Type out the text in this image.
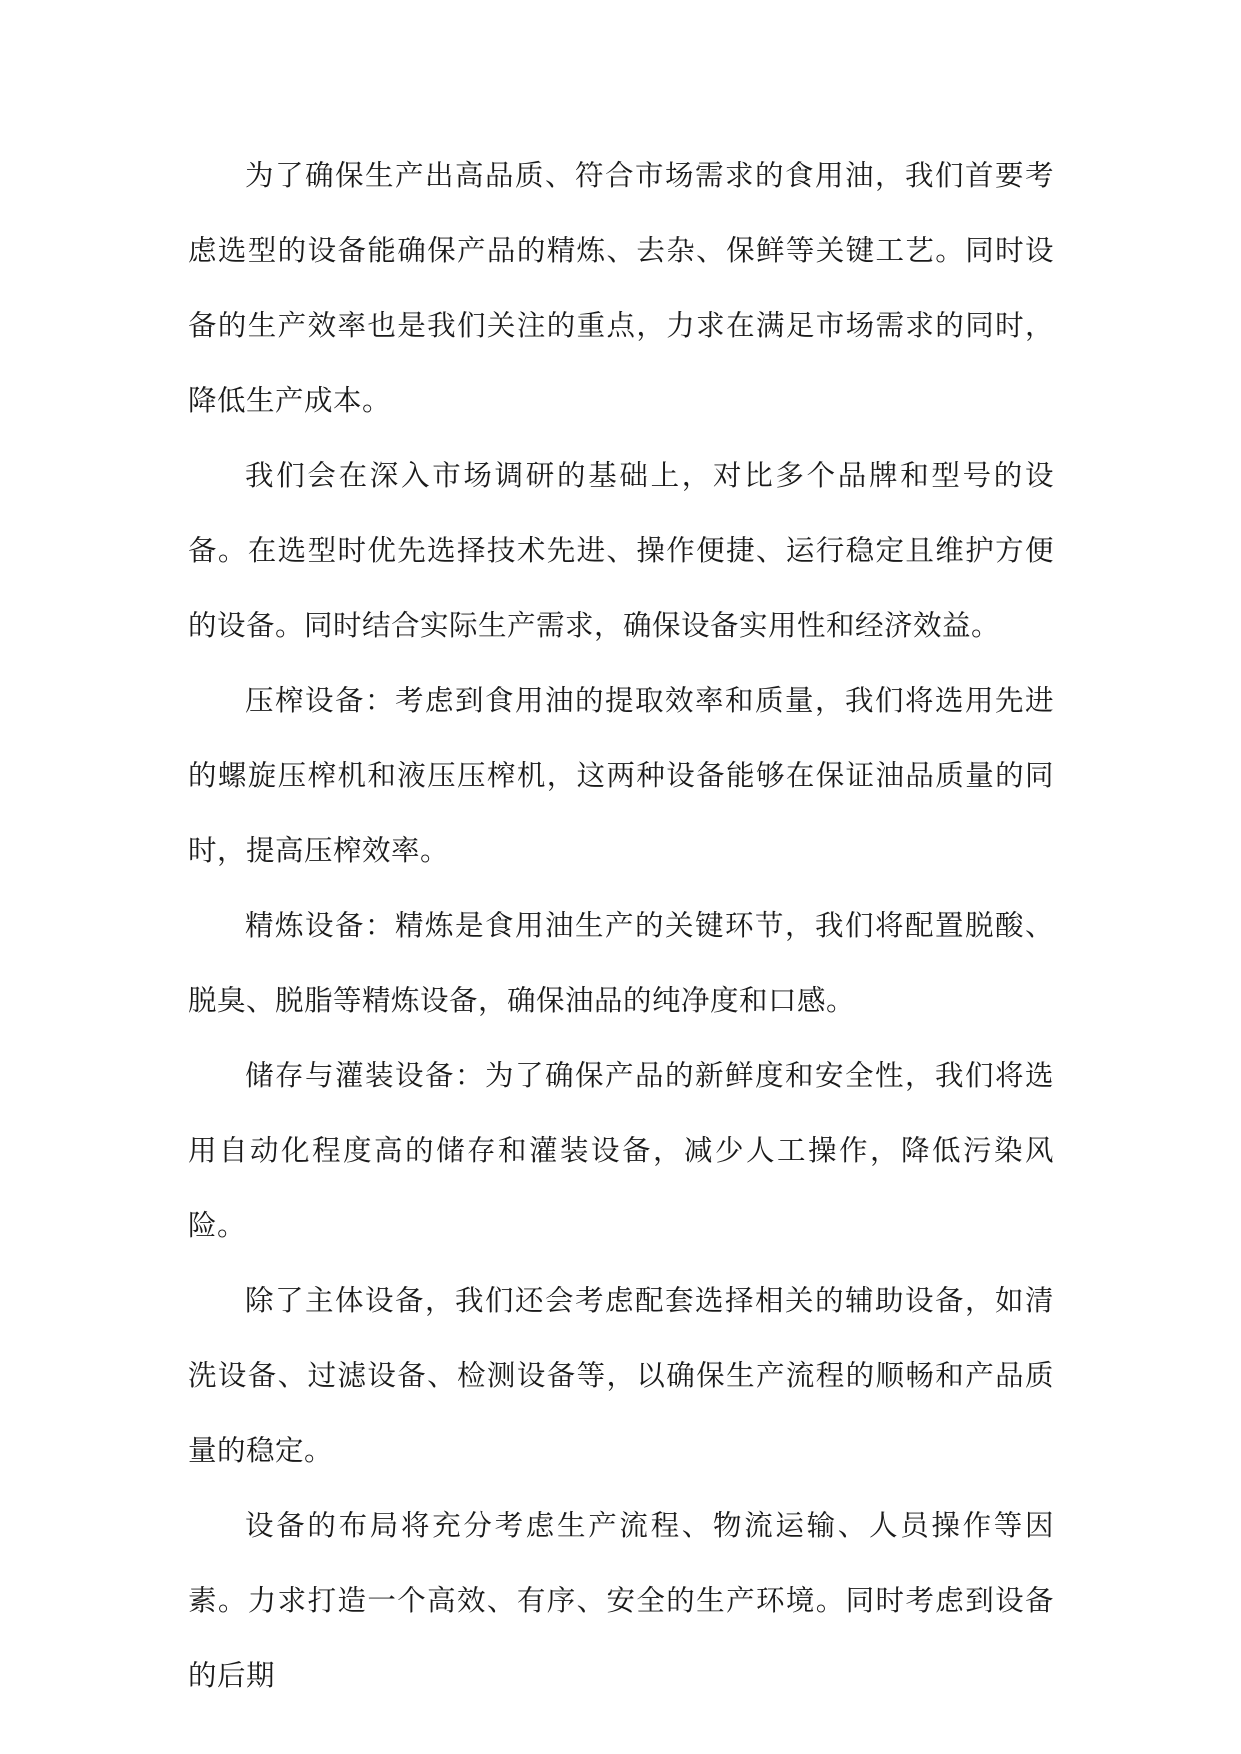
为了确保生产出高品质、符合市场需求的食用油，我们首要考虑选型的设备能确保产品的精炼、去杂、保鲜等关键工艺。同时设备的生产效率也是我们关注的重点，力求在满足市场需求的同时，降低生产成本。

我们会在深入市场调研的基础上，对比多个品牌和型号的设备。在选型时优先选择技术先进、操作便捷、运行稳定且维护方便的设备。同时结合实际生产需求，确保设备实用性和经济效益。

压榨设备：考虑到食用油的提取效率和质量，我们将选用先进的螺旋压榨机和液压压榨机，这两种设备能够在保证油品质量的同时，提高压榨效率。

精炼设备：精炼是食用油生产的关键环节，我们将配置脱酸、脱臭、脱脂等精炼设备，确保油品的纯净度和口感。

储存与灌装设备：为了确保产品的新鲜度和安全性，我们将选用自动化程度高的储存和灌装设备，减少人工操作，降低污染风险。

除了主体设备，我们还会考虑配套选择相关的辅助设备，如清洗设备、过滤设备、检测设备等，以确保生产流程的顺畅和产品质量的稳定。

设备的布局将充分考虑生产流程、物流运输、人员操作等因素。力求打造一个高效、有序、安全的生产环境。同时考虑到设备的后期
